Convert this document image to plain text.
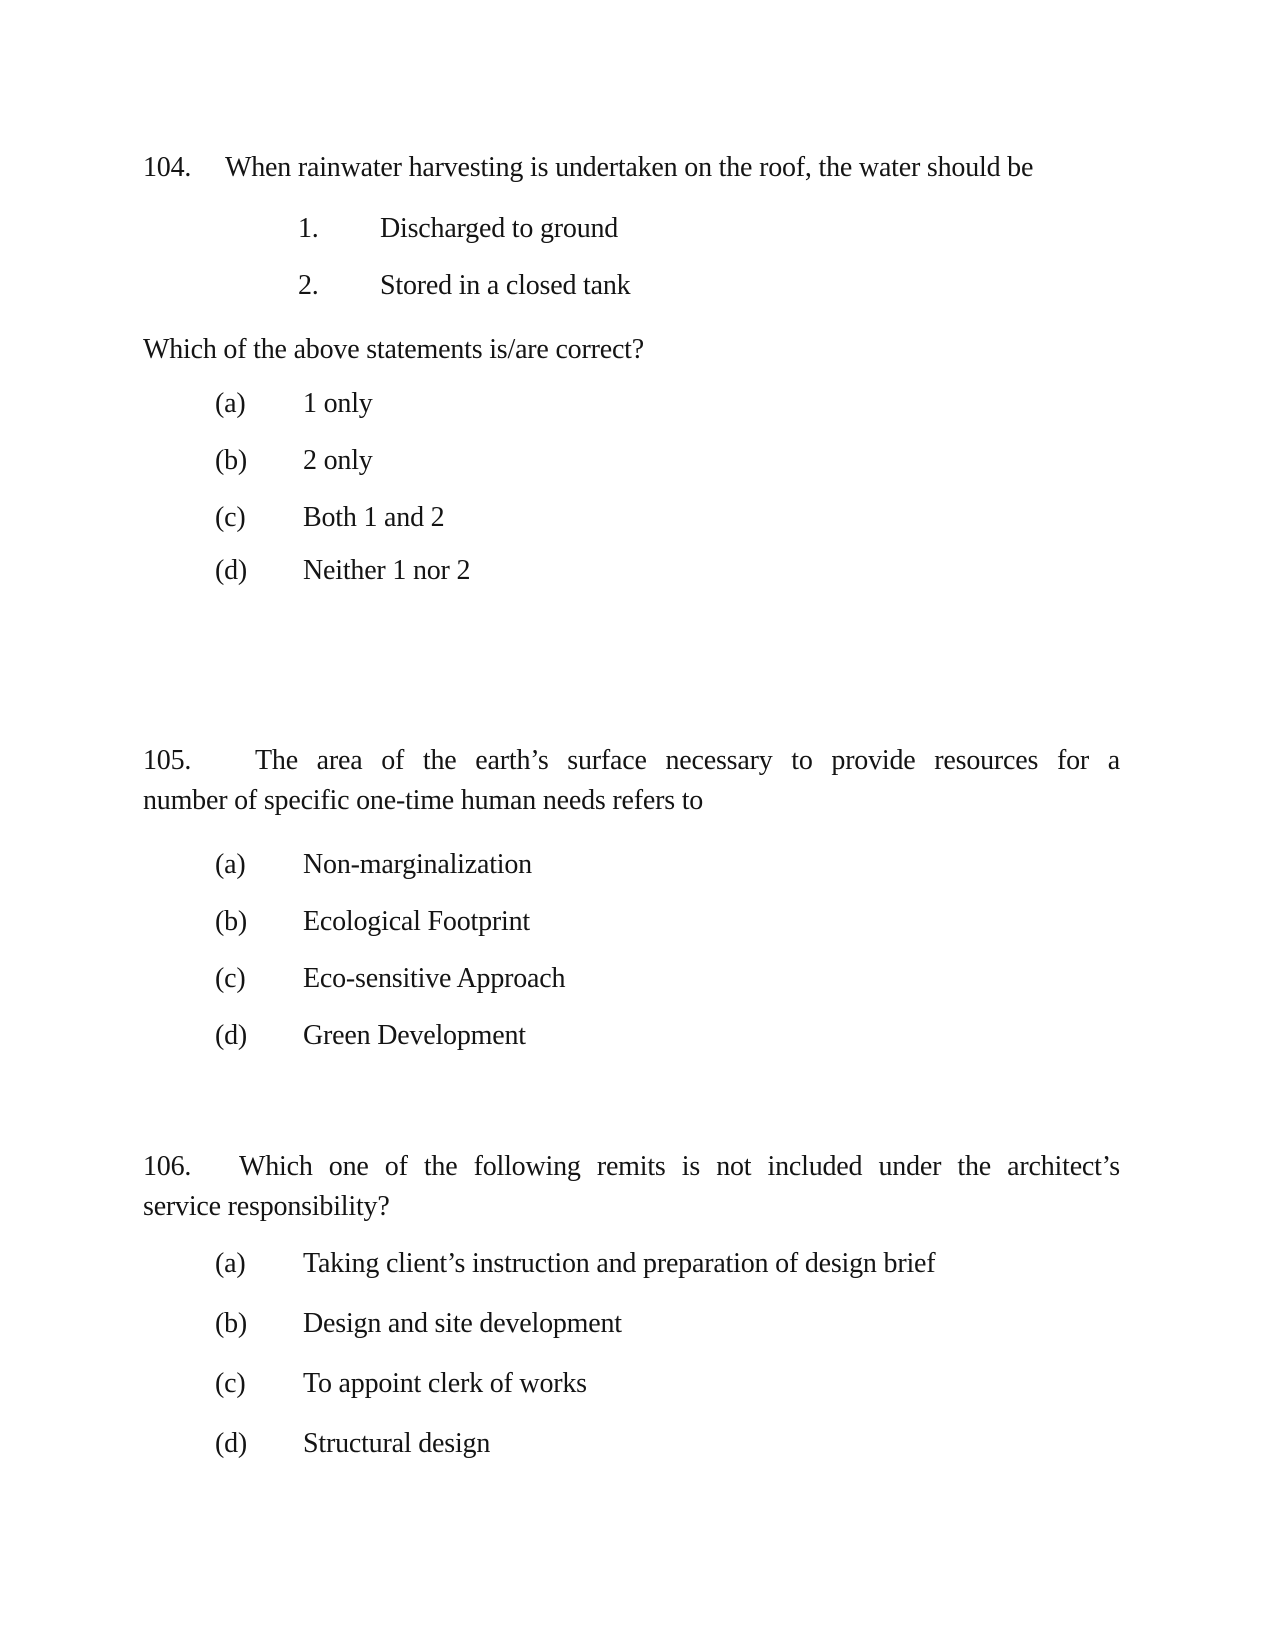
104. When rainwater harvesting is undertaken on the roof, the water should be
1. Discharged to ground
2. Stored in a closed tank
Which of the above statements is/are correct?
(a) 1 only
(b) 2 only
(c) Both 1 and 2
(d) Neither 1 nor 2
105.	The area of the earth’s surface necessary to provide resources for a
number of specific one-time human needs refers to
(a) Non-marginalization
(b) Ecological Footprint
(c) Eco-sensitive Approach
(d) Green Development
106.	Which one of the following remits is not included under the architect’s
service responsibility?
(a) Taking client’s instruction and preparation of design brief
(b) Design and site development
(c) To appoint clerk of works
(d) Structural design
